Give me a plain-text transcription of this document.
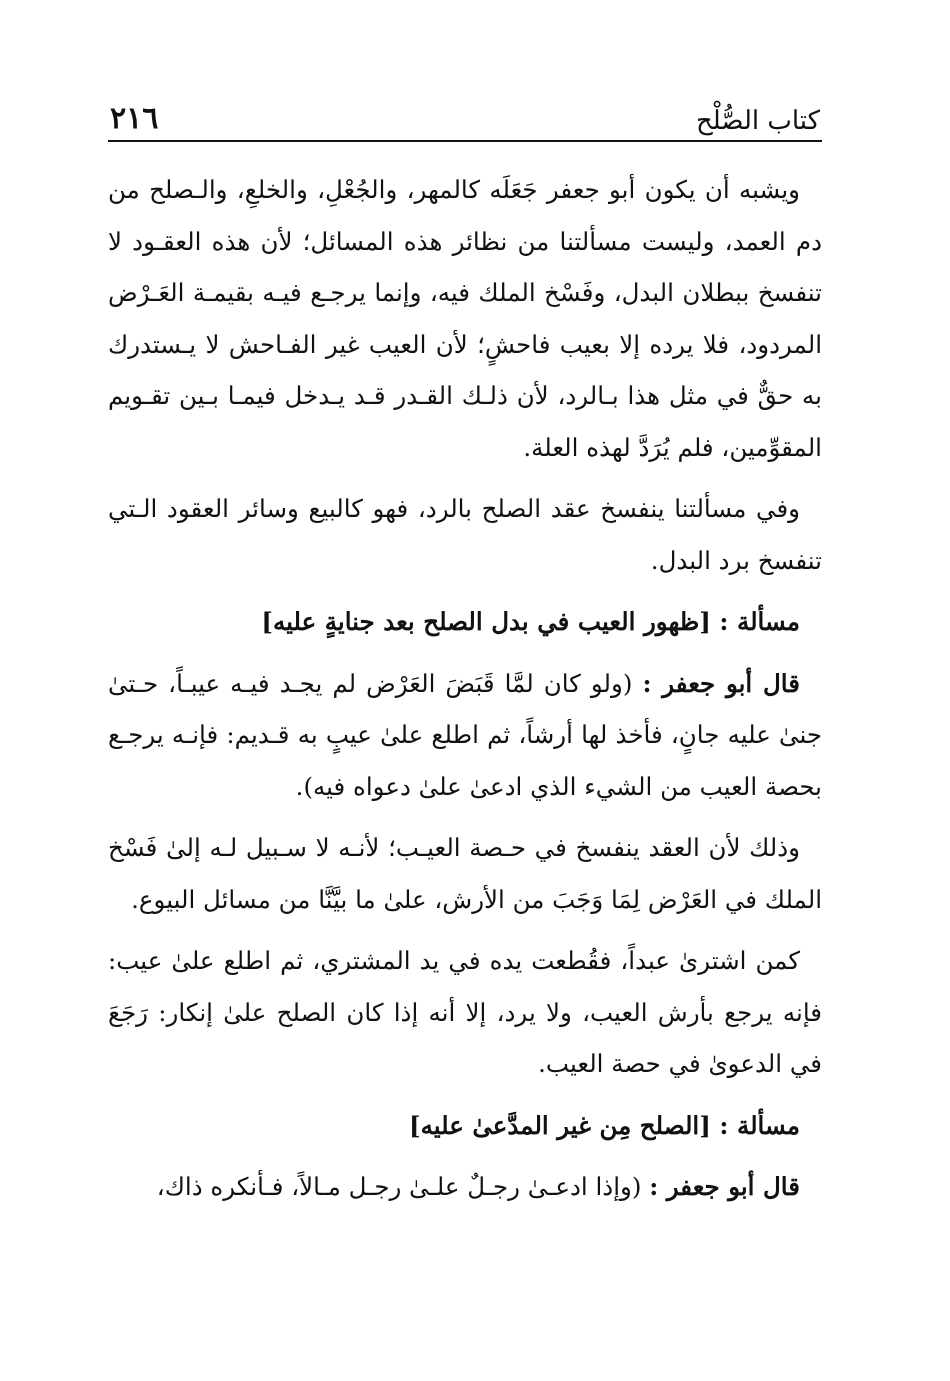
كتاب الصُّلْح
٢١٦

ويشبه أن يكون أبو جعفر جَعَلَه كالمهر، والجُعْلِ، والخلعِ، والـصلح من دم العمد، وليست مسألتنا من نظائر هذه المسائل؛ لأن هذه العقـود لا تنفسخ ببطلان البدل، وفَسْخ الملك فيه، وإنما يرجـع فيـه بقيمـة العَـرْض المردود، فلا يرده إلا بعيب فاحشٍ؛ لأن العيب غير الفـاحش لا يـستدرك به حقٌّ في مثل هذا بـالرد، لأن ذلـك القـدر قـد يـدخل فيمـا بـين تقـويم المقوِّمين، فلم يُرَدَّ لهذه العلة.

وفي مسألتنا ينفسخ عقد الصلح بالرد، فهو كالبيع وسائر العقود الـتي تنفسخ برد البدل.

مسألة : [ظهور العيب في بدل الصلح بعد جنايةٍ عليه]

قال أبو جعفر : (ولو كان لمَّا قَبَضَ العَرْض لم يجـد فيـه عيبـاً، حـتىٰ جنىٰ عليه جانٍ، فأخذ لها أرشاً، ثم اطلع علىٰ عيبٍ به قـديم: فإنـه يرجـع بحصة العيب من الشيء الذي ادعىٰ علىٰ دعواه فيه).

وذلك لأن العقد ينفسخ في حـصة العيـب؛ لأنـه لا سـبيل لـه إلىٰ فَسْخ الملك في العَرْض لِمَا وَجَبَ من الأرش، علىٰ ما بيَّنَّا من مسائل البيوع.

كمن اشترىٰ عبداً، فقُطعت يده في يد المشتري، ثم اطلع علىٰ عيب: فإنه يرجع بأرش العيب، ولا يرد، إلا أنه إذا كان الصلح علىٰ إنكار: رَجَعَ في الدعوىٰ في حصة العيب.

مسألة : [الصلح مِن غير المدَّعىٰ عليه]

قال أبو جعفر : (وإذا ادعـىٰ رجـلٌ علـىٰ رجـل مـالاً، فـأنكره ذاك،
